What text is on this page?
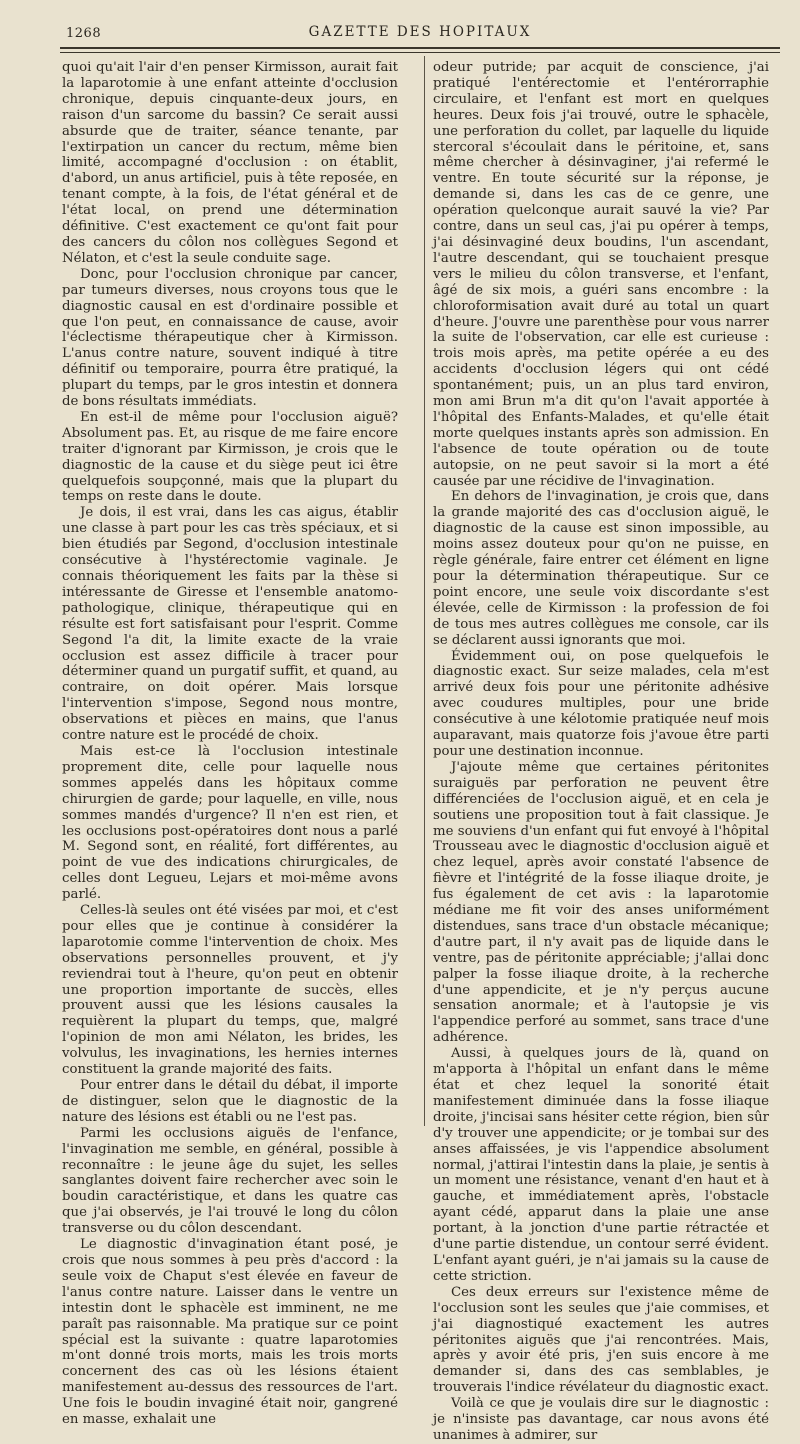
1268	GAZETTE DES HOPITAUX

quoi qu'ait l'air d'en penser Kirmisson, aurait fait la laparotomie à une enfant atteinte d'occlusion chronique, depuis cinquante-deux jours, en raison d'un sarcome du bassin? Ce serait aussi absurde que de traiter, séance tenante, par l'extirpation un cancer du rectum, même bien limité, accompagné d'occlusion : on établit, d'abord, un anus artificiel, puis à tête reposée, en tenant compte, à la fois, de l'état général et de l'état local, on prend une détermination définitive. C'est exactement ce qu'ont fait pour des cancers du côlon nos collègues Segond et Nélaton, et c'est la seule conduite sage.

Donc, pour l'occlusion chronique par cancer, par tumeurs diverses, nous croyons tous que le diagnostic causal en est d'ordinaire possible et que l'on peut, en connaissance de cause, avoir l'éclectisme thérapeutique cher à Kirmisson. L'anus contre nature, souvent indiqué à titre définitif ou temporaire, pourra être pratiqué, la plupart du temps, par le gros intestin et donnera de bons résultats immédiats.

En est-il de même pour l'occlusion aiguë? Absolument pas. Et, au risque de me faire encore traiter d'ignorant par Kirmisson, je crois que le diagnostic de la cause et du siège peut ici être quelquefois soupçonné, mais que la plupart du temps on reste dans le doute.

Je dois, il est vrai, dans les cas aigus, établir une classe à part pour les cas très spéciaux, et si bien étudiés par Segond, d'occlusion intestinale consécutive à l'hystérectomie vaginale. Je connais théoriquement les faits par la thèse si intéressante de Giresse et l'ensemble anatomo-pathologique, clinique, thérapeutique qui en résulte est fort satisfaisant pour l'esprit. Comme Segond l'a dit, la limite exacte de la vraie occlusion est assez difficile à tracer pour déterminer quand un purgatif suffit, et quand, au contraire, on doit opérer. Mais lorsque l'intervention s'impose, Segond nous montre, observations et pièces en mains, que l'anus contre nature est le procédé de choix.

Mais est-ce là l'occlusion intestinale proprement dite, celle pour laquelle nous sommes appelés dans les hôpitaux comme chirurgien de garde; pour laquelle, en ville, nous sommes mandés d'urgence? Il n'en est rien, et les occlusions post-opératoires dont nous a parlé M. Segond sont, en réalité, fort différentes, au point de vue des indications chirurgicales, de celles dont Legueu, Lejars et moi-même avons parlé.

Celles-là seules ont été visées par moi, et c'est pour elles que je continue à considérer la laparotomie comme l'intervention de choix. Mes observations personnelles prouvent, et j'y reviendrai tout à l'heure, qu'on peut en obtenir une proportion importante de succès, elles prouvent aussi que les lésions causales la requièrent la plupart du temps, que, malgré l'opinion de mon ami Nélaton, les brides, les volvulus, les invaginations, les hernies internes constituent la grande majorité des faits.

Pour entrer dans le détail du débat, il importe de distinguer, selon que le diagnostic de la nature des lésions est établi ou ne l'est pas.

Parmi les occlusions aiguës de l'enfance, l'invagination me semble, en général, possible à reconnaître : le jeune âge du sujet, les selles sanglantes doivent faire rechercher avec soin le boudin caractéristique, et dans les quatre cas que j'ai observés, je l'ai trouvé le long du côlon transverse ou du côlon descendant.

Le diagnostic d'invagination étant posé, je crois que nous sommes à peu près d'accord : la seule voix de Chaput s'est élevée en faveur de l'anus contre nature. Laisser dans le ventre un intestin dont le sphacèle est imminent, ne me paraît pas raisonnable. Ma pratique sur ce point spécial est la suivante : quatre laparotomies m'ont donné trois morts, mais les trois morts concernent des cas où les lésions étaient manifestement au-dessus des ressources de l'art. Une fois le boudin invaginé était noir, gangrené en masse, exhalait une

odeur putride; par acquit de conscience, j'ai pratiqué l'entérectomie et l'entérorraphie circulaire, et l'enfant est mort en quelques heures. Deux fois j'ai trouvé, outre le sphacèle, une perforation du collet, par laquelle du liquide stercoral s'écoulait dans le péritoine, et, sans même chercher à désinvaginer, j'ai refermé le ventre. En toute sécurité sur la réponse, je demande si, dans les cas de ce genre, une opération quelconque aurait sauvé la vie? Par contre, dans un seul cas, j'ai pu opérer à temps, j'ai désinvaginé deux boudins, l'un ascendant, l'autre descendant, qui se touchaient presque vers le milieu du côlon transverse, et l'enfant, âgé de six mois, a guéri sans encombre : la chloroformisation avait duré au total un quart d'heure. J'ouvre une parenthèse pour vous narrer la suite de l'observation, car elle est curieuse : trois mois après, ma petite opérée a eu des accidents d'occlusion légers qui ont cédé spontanément; puis, un an plus tard environ, mon ami Brun m'a dit qu'on l'avait apportée à l'hôpital des Enfants-Malades, et qu'elle était morte quelques instants après son admission. En l'absence de toute opération ou de toute autopsie, on ne peut savoir si la mort a été causée par une récidive de l'invagination.

En dehors de l'invagination, je crois que, dans la grande majorité des cas d'occlusion aiguë, le diagnostic de la cause est sinon impossible, au moins assez douteux pour qu'on ne puisse, en règle générale, faire entrer cet élément en ligne pour la détermination thérapeutique. Sur ce point encore, une seule voix discordante s'est élevée, celle de Kirmisson : la profession de foi de tous mes autres collègues me console, car ils se déclarent aussi ignorants que moi.

Évidemment oui, on pose quelquefois le diagnostic exact. Sur seize malades, cela m'est arrivé deux fois pour une péritonite adhésive avec coudures multiples, pour une bride consécutive à une kélotomie pratiquée neuf mois auparavant, mais quatorze fois j'avoue être parti pour une destination inconnue.

J'ajoute même que certaines péritonites suraiguës par perforation ne peuvent être différenciées de l'occlusion aiguë, et en cela je soutiens une proposition tout à fait classique. Je me souviens d'un enfant qui fut envoyé à l'hôpital Trousseau avec le diagnostic d'occlusion aiguë et chez lequel, après avoir constaté l'absence de fièvre et l'intégrité de la fosse iliaque droite, je fus également de cet avis : la laparotomie médiane me fit voir des anses uniformément distendues, sans trace d'un obstacle mécanique; d'autre part, il n'y avait pas de liquide dans le ventre, pas de péritonite appréciable; j'allai donc palper la fosse iliaque droite, à la recherche d'une appendicite, et je n'y perçus aucune sensation anormale; et à l'autopsie je vis l'appendice perforé au sommet, sans trace d'une adhérence.

Aussi, à quelques jours de là, quand on m'apporta à l'hôpital un enfant dans le même état et chez lequel la sonorité était manifestement diminuée dans la fosse iliaque droite, j'incisai sans hésiter cette région, bien sûr d'y trouver une appendicite; or je tombai sur des anses affaissées, je vis l'appendice absolument normal, j'attirai l'intestin dans la plaie, je sentis à un moment une résistance, venant d'en haut et à gauche, et immédiatement après, l'obstacle ayant cédé, apparut dans la plaie une anse portant, à la jonction d'une partie rétractée et d'une partie distendue, un contour serré évident. L'enfant ayant guéri, je n'ai jamais su la cause de cette striction.

Ces deux erreurs sur l'existence même de l'occlusion sont les seules que j'aie commises, et j'ai diagnostiqué exactement les autres péritonites aiguës que j'ai rencontrées. Mais, après y avoir été pris, j'en suis encore à me demander si, dans des cas semblables, je trouverais l'indice révélateur du diagnostic exact.

Voilà ce que je voulais dire sur le diagnostic : je n'insiste pas davantage, car nous avons été unanimes à admirer, sur
